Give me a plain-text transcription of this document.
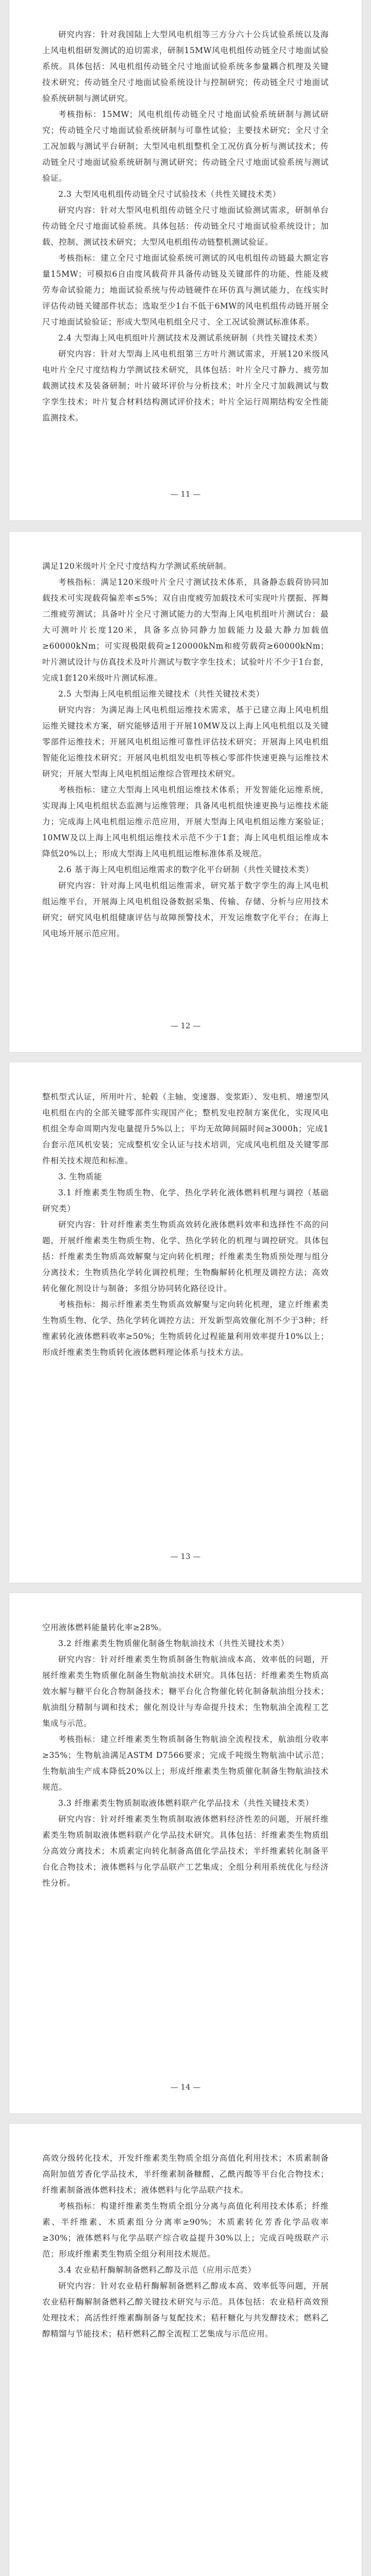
研究内容：针对我国陆上大型风电机组等三方分六十公兵试验系统以及海上风电机组研发测试的迫切需求，研制15MW风电机组传动链全尺寸地面试验系统。具体包括：风电机组传动链全尺寸地面试验系统多参量耦合机理及关键技术研究；传动链全尺寸地面试验系统设计与控制研究；传动链全尺寸地面试验系统研制与测试研究。

考核指标：15MW；风电机组传动链全尺寸地面试验系统研制与测试研究；传动链全尺寸地面试验系统研制与可靠性试验；主要技术研究；全尺寸全工况加载与测试平台研制；大型风电机组整机全工况仿真分析与测试技术；传动链全尺寸地面试验系统研制与测试研究；传动链全尺寸地面试验系统与测试验证。

2.3 大型风电机组传动链全尺寸试验技术（共性关键技术类）

研究内容：针对大型风电机组传动链全尺寸地面试验测试需求，研制单台传动链全尺寸地面试验系统。具体包括：传动链全尺寸地面试验系统设计；加载、控制、测试技术研究；大型风电机组传动链整机测试验证。

考核指标：建立全尺寸地面试验系统可测试的风电机组传动链最大额定容量15MW；可模拟6自由度风载荷并具备传动链及关键部件的功能、性能及疲劳寿命试验能力；地面试验系统与传动链硬件在环仿真与测试能力，在线实时评估传动链关键部件状态；选取至少1台不低于6MW的风电机组传动链开展全尺寸地面试验验证；形成大型风电机组全尺寸、全工况试验测试标准体系。

2.4 大型海上风电机组叶片测试技术及测试系统研制（共性关键技术类）

研究内容：针对大型海上风电机组第三方叶片测试需求，开展120米级风电叶片全尺寸度结构力学测试技术研究，具体包括：叶片全尺寸静力、疲劳加载测试技术及装备研制；叶片破坏评价与分析技术；叶片全尺寸加载测试与数字孪生技术；叶片复合材料结构测试评价技术；叶片全运行周期结构安全性能监测技术。

— 11 —

满足120米级叶片全尺寸度结构力学测试系统研制。

考核指标：满足120米级叶片全尺寸测试技术体系，具备静态载荷协同加载技术可实现载荷偏差率≤5%；双自由度疲劳加载技术可实现叶片摆振、挥舞二维疲劳测试；具备叶片全尺寸测试能力的大型海上风电机组叶片测试台：最大可测叶片长度120米，具备多点协同静力加载能力及最大静力加载值≥60000kNm；可实现极限载荷≥120000kNm和疲劳载荷≥60000kNm；叶片测试设计与仿真技术及叶片测试与数字孪生技术；试验叶片不少于1台套，完成1套120米级叶片测试标准。

2.5 大型海上风电机组运维关键技术（共性关键技术类）

研究内容：为满足海上风电机组运维技术需求，基于已建立海上风电机组运维关键技术方案，研究能够适用于开展10MW及以上海上风电机组以及关键零部件运维技术；开展风电机组运维可靠性评估技术研究；开展海上风电机组智能化运维技术研究；开展风电机组发电机等核心零部件快速更换与运维技术研究；开展大型海上风电机组运维综合管理技术研究。

考核指标：建立大型海上风电机组运维技术体系；开发智能化运维系统，实现海上风电机组状态监测与运维管理；具备风电机组快速更换与运维技术能力；完成海上风电机组运维示范应用，开展大型海上风电机组运维方案验证；10MW及以上海上风电机组运维技术示范不少于1套；海上风电机组运维成本降低20%以上；形成大型海上风电机组运维标准体系及规范。

2.6 基于海上风电机组运维需求的数字化平台研制（共性关键技术类）

研究内容：针对海上风电机组运维需求，研究基于数字孪生的海上风电机组运维平台，开展海上风电机组设备数据采集、传输、存储、分析与应用技术研究；研究风电机组健康评估与故障预警技术，开发运维数字化平台；在海上风电场开展示范应用。

— 12 —

整机型式认证，所用叶片、轮毂（主轴、变速器、变浆距）、发电机、增速型风电机组在内的全部关键零部件实现国产化；整机发电控制方案优化，实现风电机组全寿命周期内发电量提升5%以上；平均无故障间隔时间≥3000h；完成1台套示范风机安装；完成整机安全认证与技术培训，完成风电机组及关键零部件相关技术规范和标准。

3. 生物质能

3.1 纤维素类生物质生物、化学、热化学转化液体燃料机理与调控（基础研究类）

研究内容：针对纤维素类生物质高效转化液体燃料效率和选择性不高的问题，开展纤维素类生物质生物、化学、热化学转化的机理与调控研究。具体包括：纤维素类生物质高效解聚与定向转化机理；纤维素类生物质预处理与组分分离技术；生物质热化学转化调控机理；生物酶解转化机理及调控方法；高效转化催化剂设计与制备；多组分协同转化路径设计。

考核指标：揭示纤维素类生物质高效解聚与定向转化机理，建立纤维素类生物质生物、化学、热化学转化调控方法；开发新型高效催化剂不少于3种；纤维素转化液体燃料收率≥50%；生物质转化过程能量利用效率提升10%以上；形成纤维素类生物质转化液体燃料理论体系与技术方法。

— 13 —

空用液体燃料能量转化率≥28%。

3.2 纤维素类生物质催化制备生物航油技术（共性关键技术类）

研究内容：针对纤维素类生物质制备生物航油成本高、效率低的问题，开展纤维素类生物质催化制备生物航油技术研究。具体包括：纤维素类生物质高效水解与糖平台化合物制备技术；糖平台化合物催化转化制备航油组分技术；航油组分精制与调和技术；催化剂设计与寿命提升技术；生物航油全流程工艺集成与示范。

考核指标：建立纤维素类生物质制备生物航油全流程技术，航油组分收率≥35%；生物航油满足ASTM D7566要求；完成千吨级生物航油中试示范；生物航油生产成本降低20%以上；形成纤维素类生物质催化制备生物航油技术规范。

3.3 纤维素类生物质制取液体燃料联产化学品技术（共性关键技术类）

研究内容：针对纤维素类生物质制取液体燃料经济性差的问题，开展纤维素类生物质制取液体燃料联产化学品技术研究。具体包括：纤维素类生物质组分高效分离技术；木质素定向转化制备高值化学品技术；半纤维素转化制备平台化合物技术；液体燃料与化学品联产工艺集成；全组分利用系统优化与经济性分析。

— 14 —

高效分级转化技术，开发纤维素类生物质全组分高值化利用技术；木质素制备高附加值芳香化学品技术，半纤维素制备糠醛、乙酰丙酸等平台化合物技术；纤维素制备液体燃料技术；液体燃料与化学品联产技术。

考核指标：构建纤维素类生物质全组分分离与高值化利用技术体系；纤维素、半纤维素、木质素组分分离率≥90%；木质素转化芳香化学品收率≥30%；液体燃料与化学品联产综合收益提升30%以上；完成百吨级联产示范；形成纤维素类生物质全组分利用技术规范。

3.4 农业秸秆酶解制备燃料乙醇及示范（应用示范类）

研究内容：针对农业秸秆酶解制备燃料乙醇成本高、效率低等问题，开展农业秸秆酶解制备燃料乙醇关键技术研究与示范。具体包括：农业秸秆高效预处理技术；高活性纤维素酶制备与复配技术；秸秆糖化与共发酵技术；燃料乙醇精馏与节能技术；秸秆燃料乙醇全流程工艺集成与示范应用。
